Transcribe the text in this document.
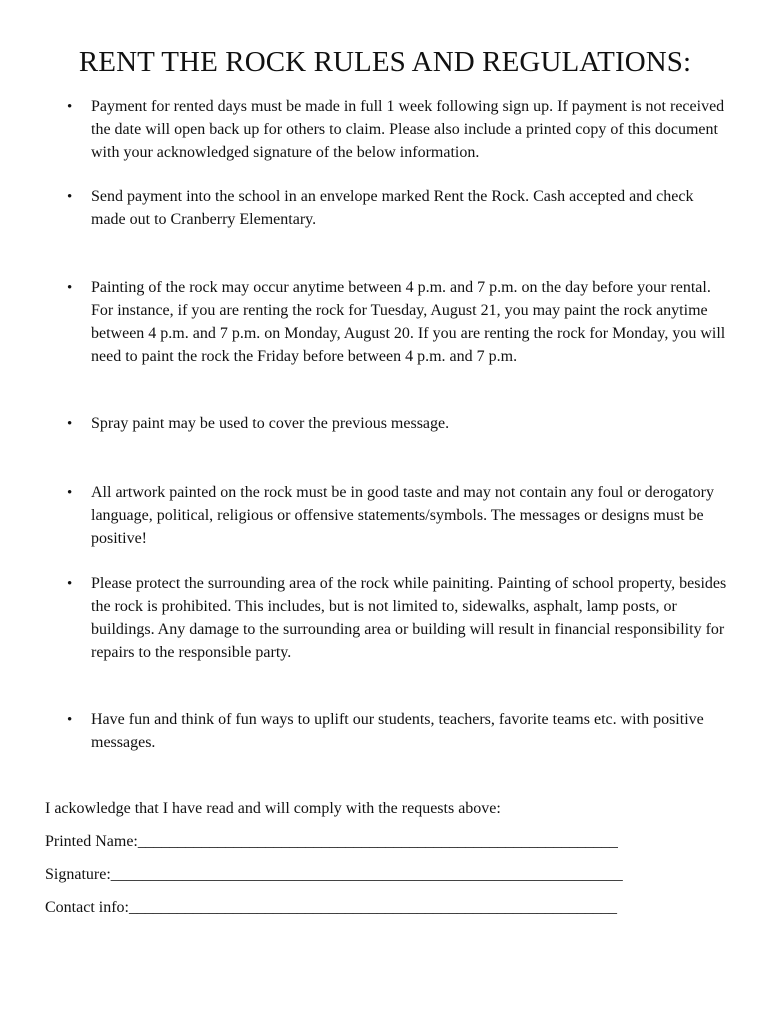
RENT THE ROCK RULES AND REGULATIONS:
• Payment for rented days must be made in full 1 week following sign up. If payment is not received the date will open back up for others to claim. Please also include a printed copy of this document with your acknowledged signature of the below information.
• Send payment into the school in an envelope marked Rent the Rock. Cash accepted and check made out to Cranberry Elementary.
• Painting of the rock may occur anytime between 4 p.m. and 7 p.m. on the day before your rental. For instance, if you are renting the rock for Tuesday, August 21, you may paint the rock anytime between 4 p.m. and 7 p.m. on Monday, August 20. If you are renting the rock for Monday, you will need to paint the rock the Friday before between 4 p.m. and 7 p.m.
• Spray paint may be used to cover the previous message.
• All artwork painted on the rock must be in good taste and may not contain any foul or derogatory language, political, religious or offensive statements/symbols. The messages or designs must be positive!
• Please protect the surrounding area of the rock while painiting. Painting of school property, besides the rock is prohibited. This includes, but is not limited to, sidewalks, asphalt, lamp posts, or buildings. Any damage to the surrounding area or building will result in financial responsibility for repairs to the responsible party.
• Have fun and think of fun ways to uplift our students, teachers, favorite teams etc. with positive messages.
I ackowledge that I have read and will comply with the requests above:
Printed Name:____________________________________________________________
Signature:________________________________________________________________
Contact info:_____________________________________________________________
